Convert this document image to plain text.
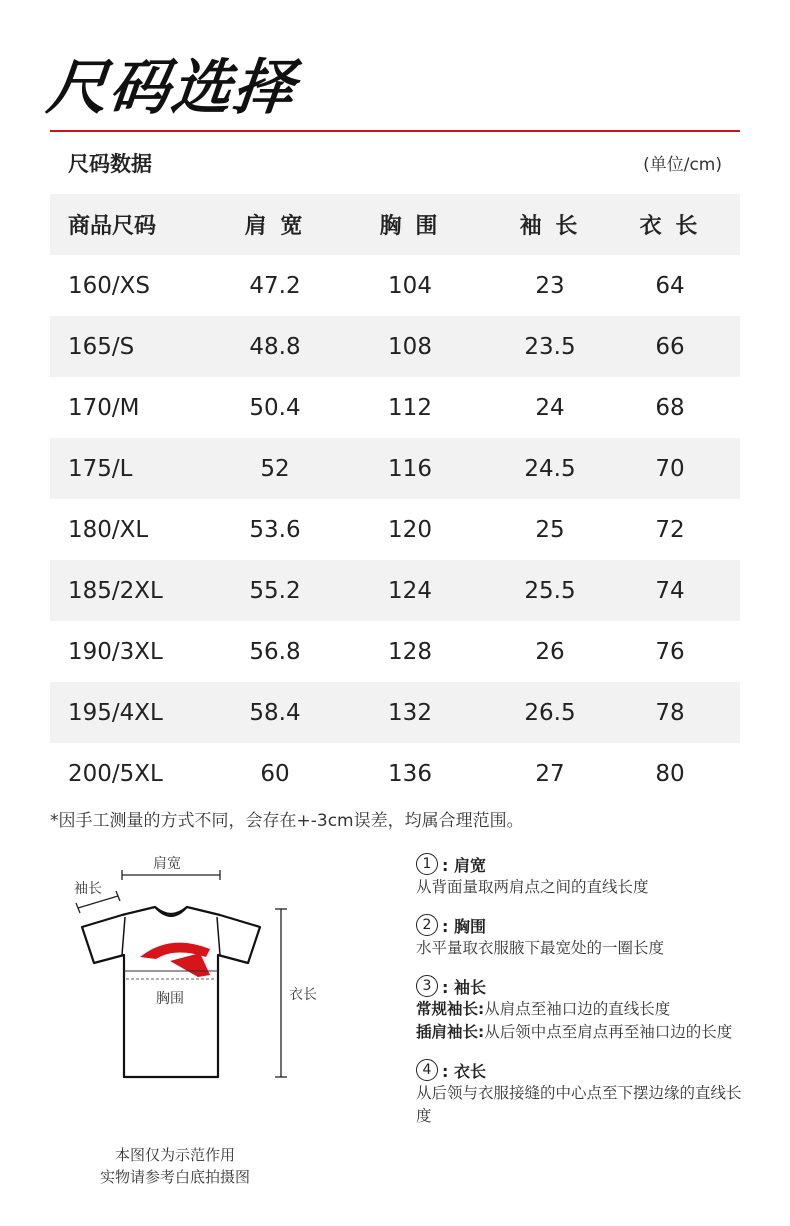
尺码选择
尺码数据	(单位/cm)
商品尺码	肩 宽	胸 围	袖 长	衣 长
160/XS	47.2	104	23	64
165/S	48.8	108	23.5	66
170/M	50.4	112	24	68
175/L	52	116	24.5	70
180/XL	53.6	120	25	72
185/2XL	55.2	124	25.5	74
190/3XL	56.8	128	26	76
195/4XL	58.4	132	26.5	78
200/5XL	60	136	27	80
*因手工测量的方式不同，会存在+-3cm误差，均属合理范围。
肩宽
袖长
胸围	衣长
本图仅为示范作用
实物请参考白底拍摄图
1 : 肩宽
从背面量取两肩点之间的直线长度
2 : 胸围
水平量取衣服腋下最宽处的一圈长度
3 : 袖长
常规袖长: 从肩点至袖口边的直线长度
插肩袖长: 从后领中点至肩点再至袖口边的长度
4 : 衣长
从后领与衣服接缝的中心点至下摆边缘的直线长度
